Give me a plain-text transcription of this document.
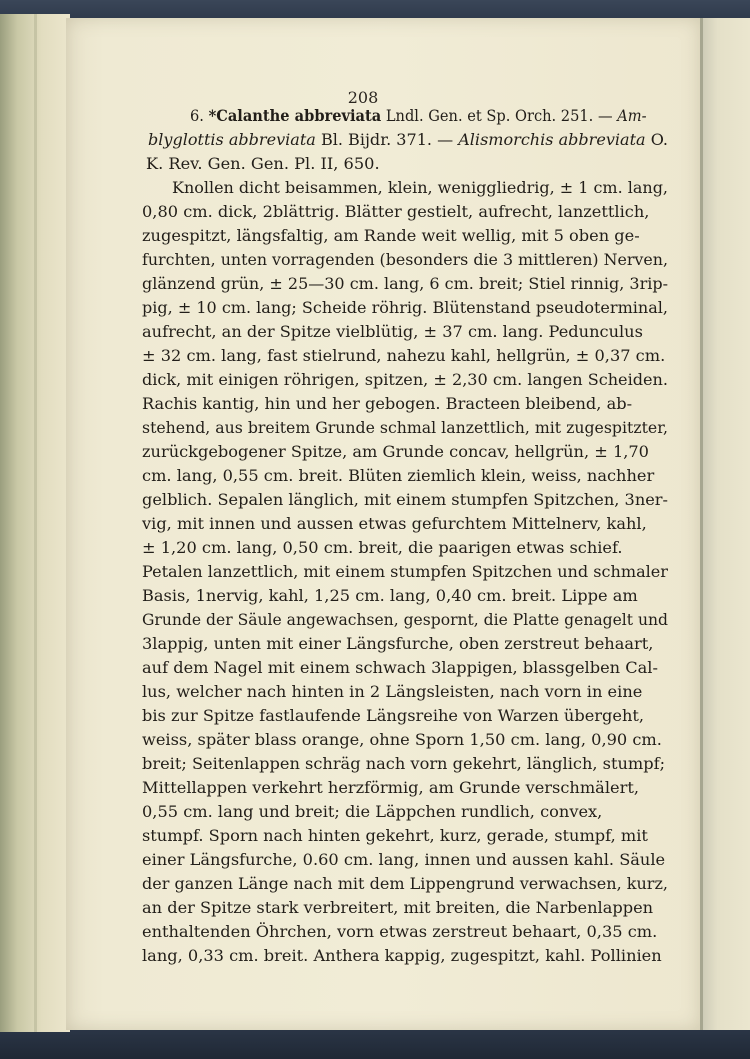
208
6. *Calanthe abbreviata Lndl. Gen. et Sp. Orch. 251. — Am-
blyglottis abbreviata Bl. Bijdr. 371. — Alismorchis abbreviata O.
K. Rev. Gen. Gen. Pl. II, 650.
Knollen dicht beisammen, klein, weniggliedrig, ± 1 cm. lang,
0,80 cm. dick, 2blättrig. Blätter gestielt, aufrecht, lanzettlich,
zugespitzt, längsfaltig, am Rande weit wellig, mit 5 oben ge-
furchten, unten vorragenden (besonders die 3 mittleren) Nerven,
glänzend grün, ± 25—30 cm. lang, 6 cm. breit; Stiel rinnig, 3rip-
pig, ± 10 cm. lang; Scheide röhrig. Blütenstand pseudoterminal,
aufrecht, an der Spitze vielblütig, ± 37 cm. lang. Pedunculus
± 32 cm. lang, fast stielrund, nahezu kahl, hellgrün, ± 0,37 cm.
dick, mit einigen röhrigen, spitzen, ± 2,30 cm. langen Scheiden.
Rachis kantig, hin und her gebogen. Bracteen bleibend, ab-
stehend, aus breitem Grunde schmal lanzettlich, mit zugespitzter,
zurückgebogener Spitze, am Grunde concav, hellgrün, ± 1,70
cm. lang, 0,55 cm. breit. Blüten ziemlich klein, weiss, nachher
gelblich. Sepalen länglich, mit einem stumpfen Spitzchen, 3ner-
vig, mit innen und aussen etwas gefurchtem Mittelnerv, kahl,
± 1,20 cm. lang, 0,50 cm. breit, die paarigen etwas schief.
Petalen lanzettlich, mit einem stumpfen Spitzchen und schmaler
Basis, 1nervig, kahl, 1,25 cm. lang, 0,40 cm. breit. Lippe am
Grunde der Säule angewachsen, gespornt, die Platte genagelt und
3lappig, unten mit einer Längsfurche, oben zerstreut behaart,
auf dem Nagel mit einem schwach 3lappigen, blassgelben Cal-
lus, welcher nach hinten in 2 Längsleisten, nach vorn in eine
bis zur Spitze fastlaufende Längsreihe von Warzen übergeht,
weiss, später blass orange, ohne Sporn 1,50 cm. lang, 0,90 cm.
breit; Seitenlappen schräg nach vorn gekehrt, länglich, stumpf;
Mittellappen verkehrt herzförmig, am Grunde verschmälert,
0,55 cm. lang und breit; die Läppchen rundlich, convex,
stumpf. Sporn nach hinten gekehrt, kurz, gerade, stumpf, mit
einer Längsfurche, 0.60 cm. lang, innen und aussen kahl. Säule
der ganzen Länge nach mit dem Lippengrund verwachsen, kurz,
an der Spitze stark verbreitert, mit breiten, die Narbenlappen
enthaltenden Öhrchen, vorn etwas zerstreut behaart, 0,35 cm.
lang, 0,33 cm. breit. Anthera kappig, zugespitzt, kahl. Pollinien
